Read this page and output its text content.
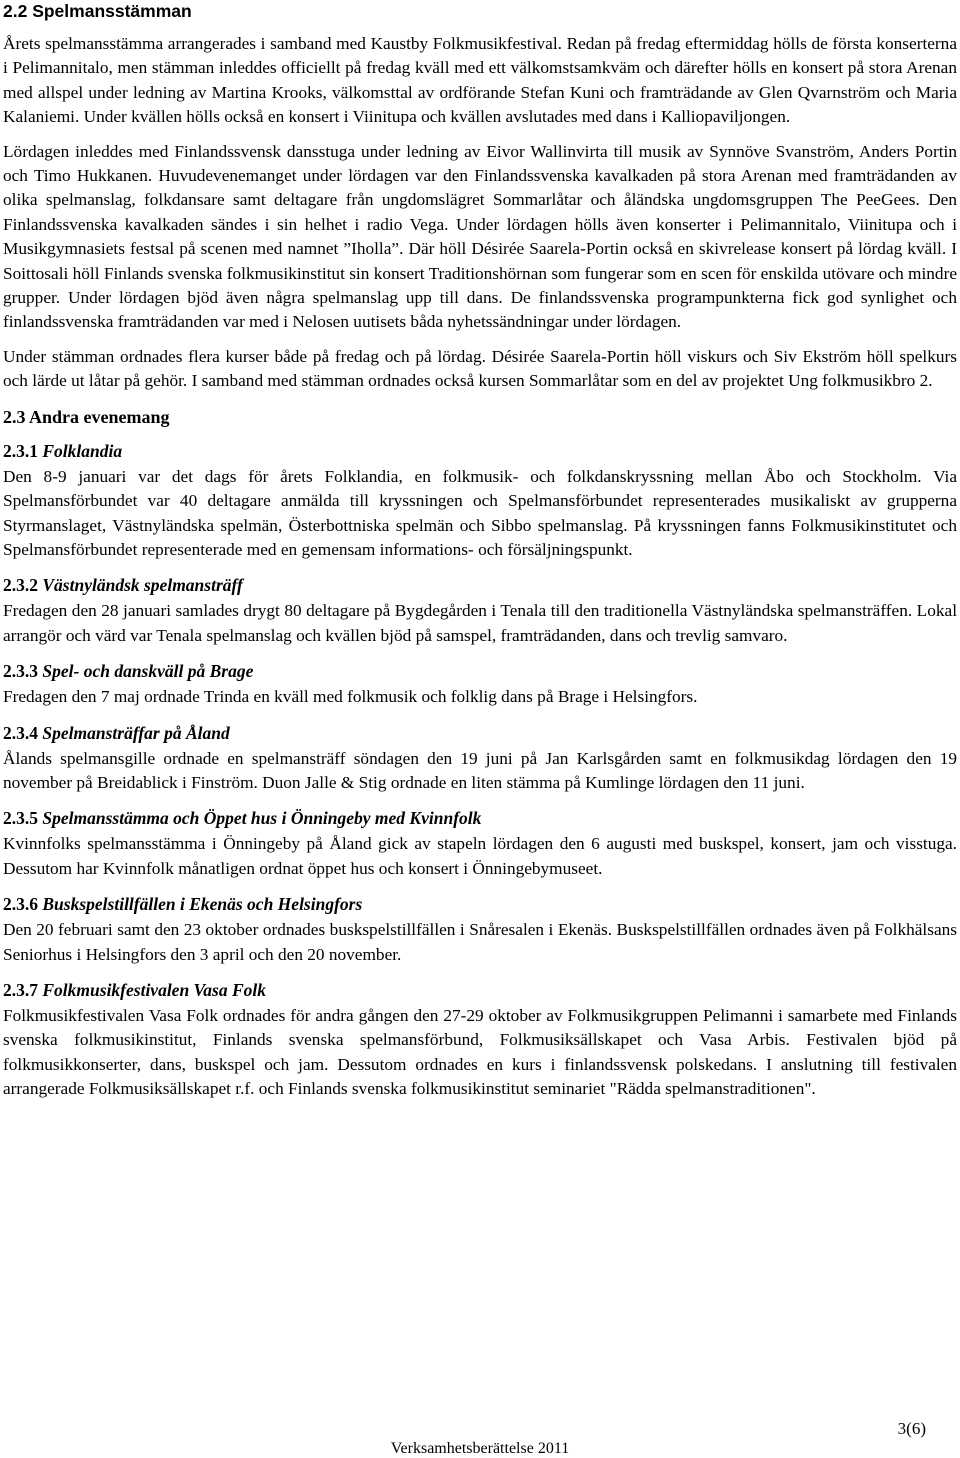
2.2 Spelmansstämman

Årets spelmansstämma arrangerades i samband med Kaustby Folkmusikfestival. Redan på fredag eftermiddag hölls de första konserterna i Pelimannitalo, men stämman inleddes officiellt på fredag kväll med ett välkomstsamkväm och därefter hölls en konsert på stora Arenan med allspel under ledning av Martina Krooks, välkomsttal av ordförande Stefan Kuni och framträdande av Glen Qvarnström och Maria Kalaniemi. Under kvällen hölls också en konsert i Viinitupa och kvällen avslutades med dans i Kalliopaviljongen.

Lördagen inleddes med Finlandssvensk dansstuga under ledning av Eivor Wallinvirta till musik av Synnöve Svanström, Anders Portin och Timo Hukkanen. Huvudevenemanget under lördagen var den Finlandssvenska kavalkaden på stora Arenan med framträdanden av olika spelmanslag, folkdansare samt deltagare från ungdomslägret Sommarlåtar och åländska ungdomsgruppen The PeeGees. Den Finlandssvenska kavalkaden sändes i sin helhet i radio Vega. Under lördagen hölls även konserter i Pelimannitalo, Viinitupa och i Musikgymnasiets festsal på scenen med namnet ”Iholla”. Där höll Désirée Saarela-Portin också en skivrelease konsert på lördag kväll. I Soittosali höll Finlands svenska folkmusikinstitut sin konsert Traditionshörnan som fungerar som en scen för enskilda utövare och mindre grupper. Under lördagen bjöd även några spelmanslag upp till dans. De finlandssvenska programpunkterna fick god synlighet och finlandssvenska framträdanden var med i Nelosen uutisets båda nyhetssändningar under lördagen.

Under stämman ordnades flera kurser både på fredag och på lördag. Désirée Saarela-Portin höll viskurs och Siv Ekström höll spelkurs och lärde ut låtar på gehör. I samband med stämman ordnades också kursen Sommarlåtar som en del av projektet Ung folkmusikbro 2.

2.3 Andra evenemang
2.3.1 Folklandia

Den 8-9 januari var det dags för årets Folklandia, en folkmusik- och folkdanskryssning mellan Åbo och Stockholm. Via Spelmansförbundet var 40 deltagare anmälda till kryssningen och Spelmansförbundet representerades musikaliskt av grupperna Styrmanslaget, Västnyländska spelmän, Österbottniska spelmän och Sibbo spelmanslag. På kryssningen fanns Folkmusikinstitutet och Spelmansförbundet representerade med en gemensam informations- och försäljningspunkt.

2.3.2 Västnyländsk spelmansträff

Fredagen den 28 januari samlades drygt 80 deltagare på Bygdegården i Tenala till den traditionella Västnyländska spelmansträffen. Lokal arrangör och värd var Tenala spelmanslag och kvällen bjöd på samspel, framträdanden, dans och trevlig samvaro.

2.3.3 Spel- och danskväll på Brage

Fredagen den 7 maj ordnade Trinda en kväll med folkmusik och folklig dans på Brage i Helsingfors.

2.3.4 Spelmansträffar på Åland

Ålands spelmansgille ordnade en spelmansträff söndagen den 19 juni på Jan Karlsgården samt en folkmusikdag lördagen den 19 november på Breidablick i Finström. Duon Jalle & Stig ordnade en liten stämma på Kumlinge lördagen den 11 juni.

2.3.5 Spelmansstämma och Öppet hus i Önningeby med Kvinnfolk

Kvinnfolks spelmansstämma i Önningeby på Åland gick av stapeln lördagen den 6 augusti med buskspel, konsert, jam och visstuga. Dessutom har Kvinnfolk månatligen ordnat öppet hus och konsert i Önningebymuseet.

2.3.6 Buskspelstillfällen i Ekenäs och Helsingfors

Den 20 februari samt den 23 oktober ordnades buskspelstillfällen i Snåresalen i Ekenäs. Buskspelstillfällen ordnades även på Folkhälsans Seniorhus i Helsingfors den 3 april och den 20 november.

2.3.7 Folkmusikfestivalen Vasa Folk

Folkmusikfestivalen Vasa Folk ordnades för andra gången den 27-29 oktober av Folkmusikgruppen Pelimanni i samarbete med Finlands svenska folkmusikinstitut, Finlands svenska spelmansförbund, Folkmusiksällskapet och Vasa Arbis. Festivalen bjöd på folkmusikkonserter, dans, buskspel och jam. Dessutom ordnades en kurs i finlandssvensk polskedans. I anslutning till festivalen arrangerade Folkmusiksällskapet r.f. och Finlands svenska folkmusikinstitut seminariet "Rädda spelmanstraditionen".

3(6)
Verksamhetsberättelse 2011
